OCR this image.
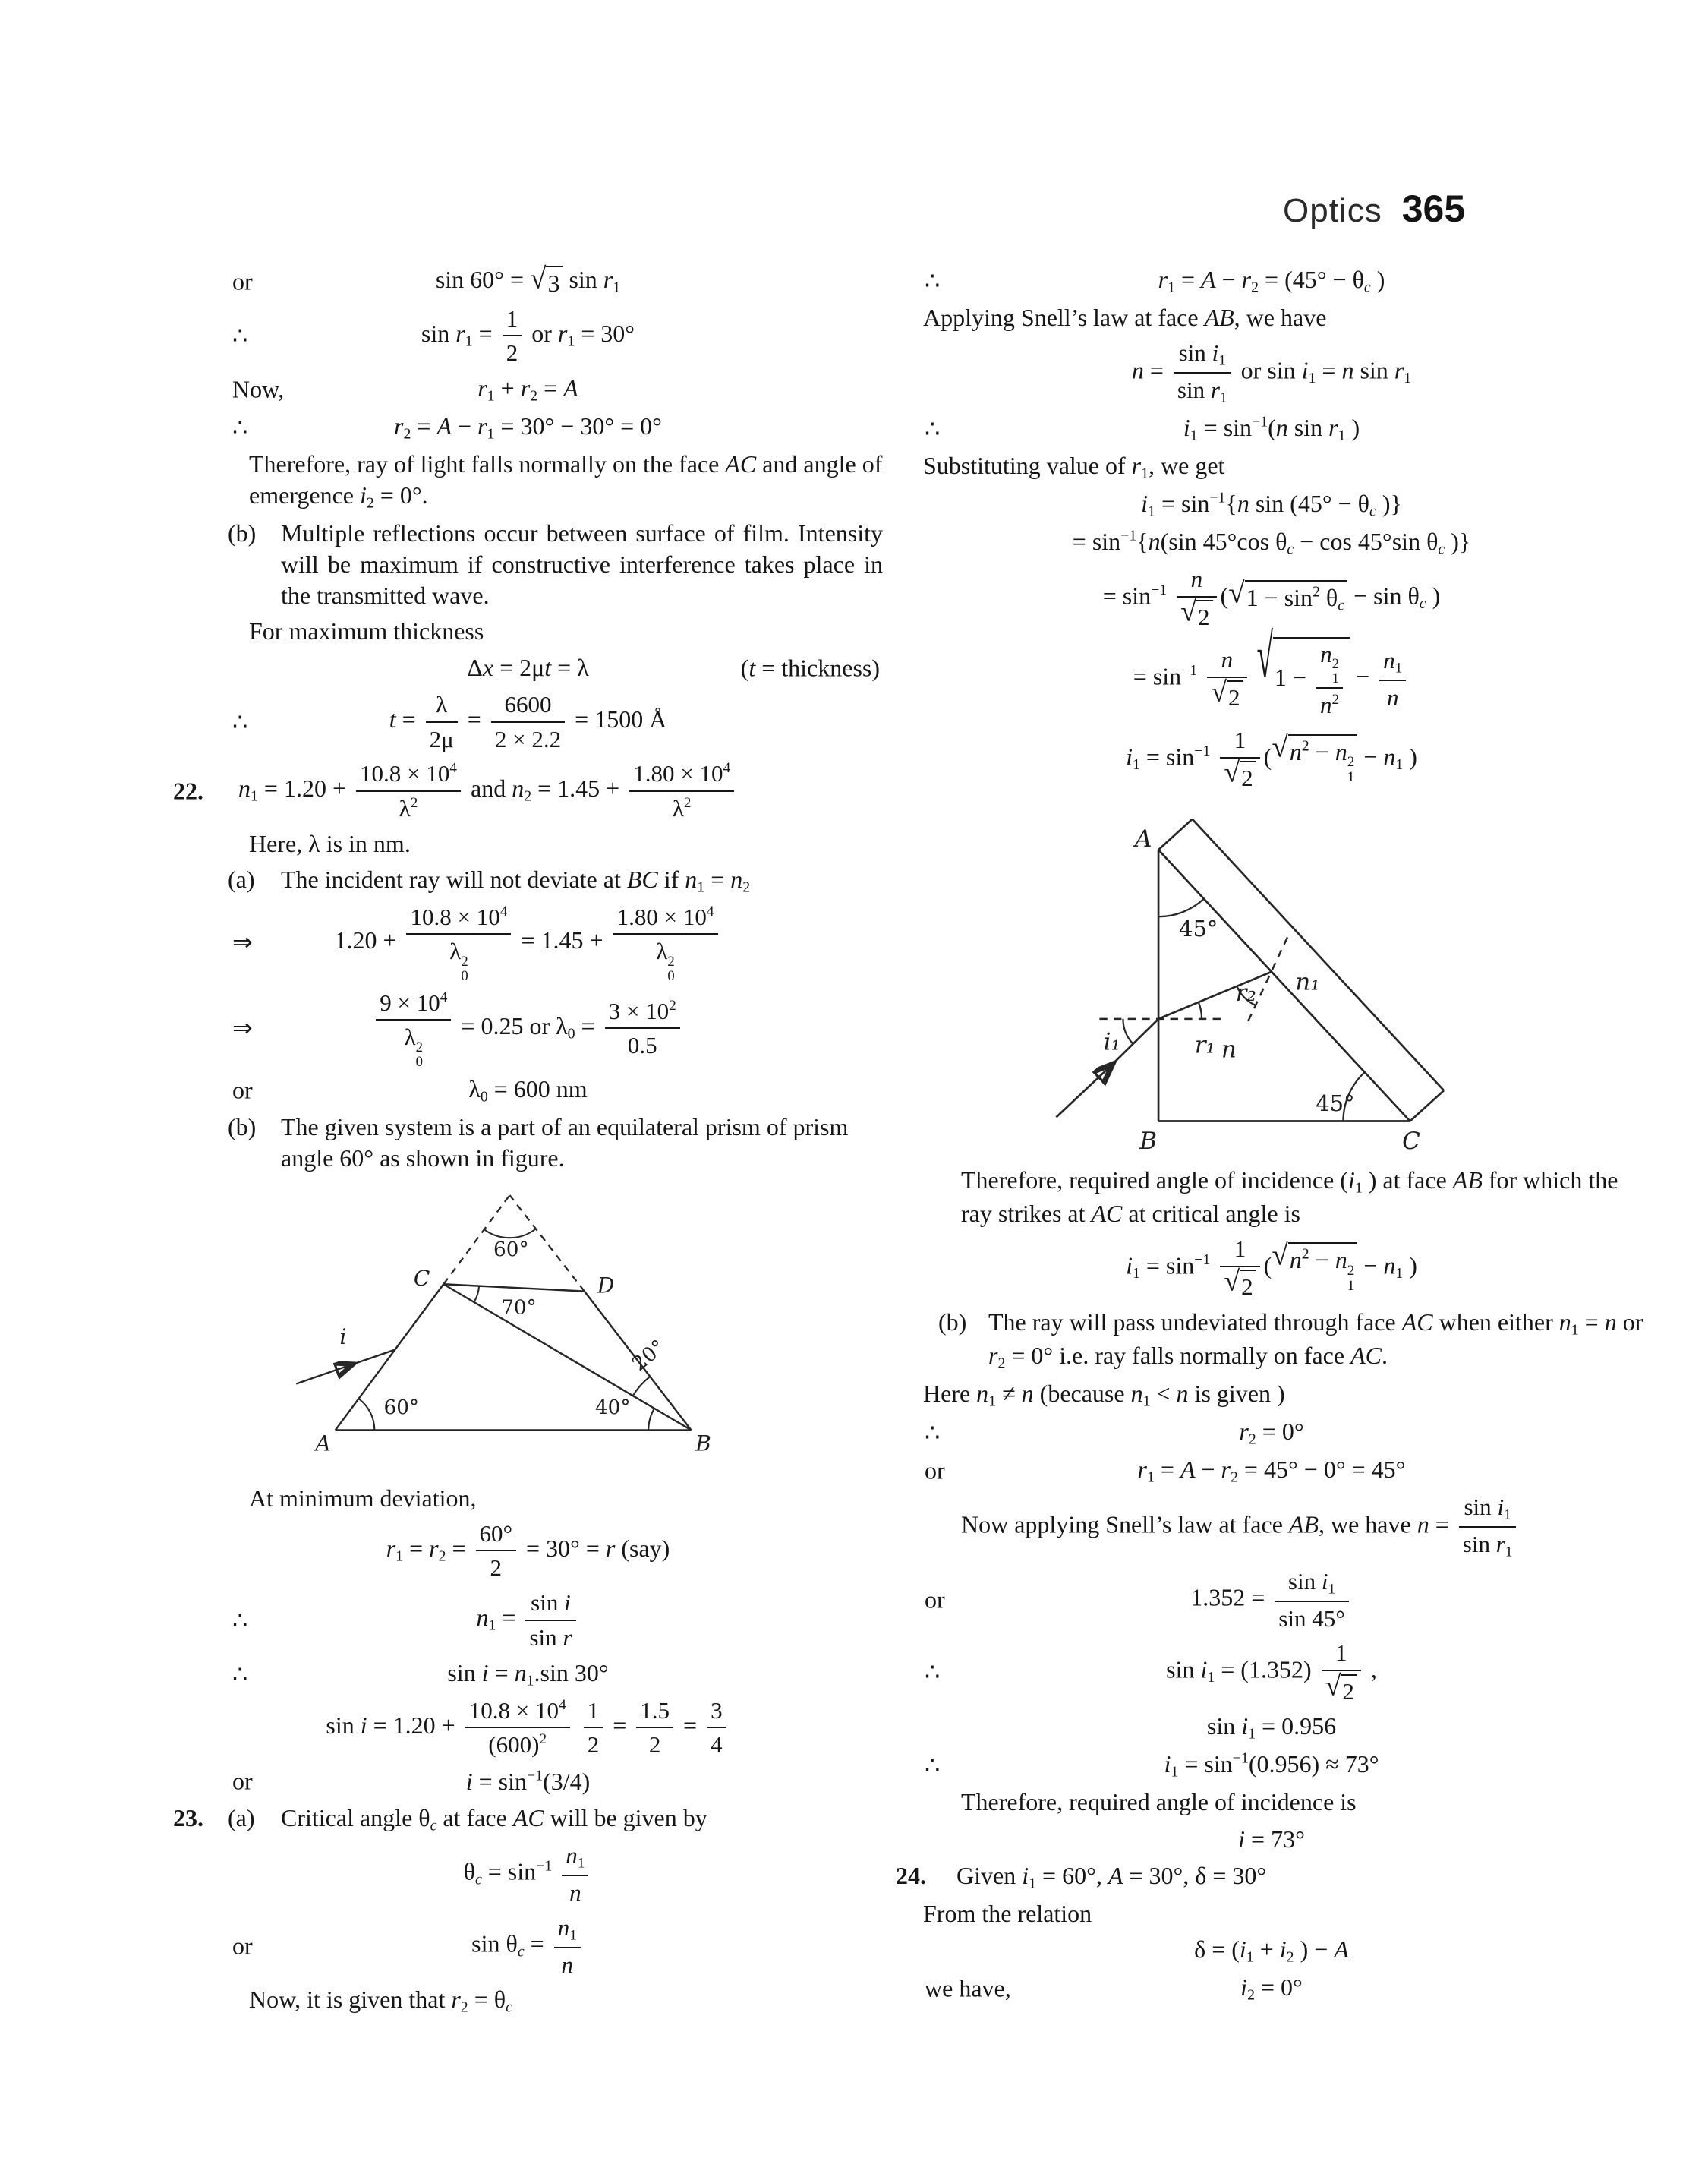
Optics 365
or	sin 60° = √ 3 sin r1
∴	$\sin r1 = \frac{1}{2}$ or r1 = 30°
Now,	r1 + r2 = A
∴	r2 = A − r1 = 30° − 30° = 0°
Therefore, ray of light falls normally on the face AC and angle of emergence i2 = 0°.
(b) Multiple reflections occur between surface of film. Intensity will be maximum if constructive interference takes place in the transmitted wave.
For maximum thickness
Δx = 2μt = λ	(t = thickness)
∴	$t = \frac{\lambda}{2\mu} = \frac{6600}{2 \times 2.2} = 1500$ Å
22. $n1 = 1.20 + \frac{10.8 \times 10^4}{\lambda^2}$ and $n2 = 1.45 + \frac{1.80 \times 10^4}{\lambda^2}$
Here, λ is in nm.
(a) The incident ray will not deviate at BC if n1 = n2
⇒	$1.20 + 10.8 \times 10^4$
λ 2
$0 = 1.45 + 1.80 \times 10^4$
λ 2
0
⇒	$9 \times 10^4$
λ 2
0 = 0.25 or $\lambda 0 = \frac{3 \times 10^2}{0.5}$
or	λ0 = 600 nm
(b) The given system is a part of an equilateral prism of prism angle 60° as shown in figure.
60°
D
C
70°
20°
60°	40°
A	B
i
At minimum deviation,
$r1 = r2 = \frac{60^\circ}{2} = 30^\circ = r$ (say)
∴	$n1 = \frac{\text{sin i}}{\text{sin r}}$
∴	sin i = n1.sin 30°
$\sin i = 1.20 + \frac{10.8 \times 10^4}{(600)^2}$
$\frac{1}{2} = \frac{1.5}{2} = \frac{3}{4}$
or	$i = \sin^{-1}(3/4)$
23. (a) Critical angle θc at face AC will be given by
$\theta c = \sin^{-1} \frac{n1}{n}$
or	$\sin \theta c = \frac{n1}{n}$
Now, it is given that r2 = θc
∴	r1 = A − r2 = (45° − θc )
Applying Snell’s law at face AB, we have
$n = \frac{\text{sin i1}}{\text{sin r1}}$ or sin i1 = n sin r1
∴	$i1 = \sin^{-1}(n$ sin r1 )
Substituting value of r1, we get
$i1 = \sin^{-1}\{n$ sin (45° − θc )}
= $\sin^{-1}\{n(\sin$ 45°cos θc − cos 45°sin θc )}
= $\sin^{-1} \frac{n}{√ 2}$ ( √ $1 - \sin^2 \theta c - \sin \theta c$ )
= $\sin^{-1} \frac{n}{√ 2}$
√ 1 − n 2
1
$n^2 - \frac{n1}{n}$
$i1 = \sin^{-1} \frac{1}{√ 2}$ ( √ $n^2 - n$ 2
1
− n1 )
A
45°
r₂ n₁
i₁	r₁ n
45°
B	C
Therefore, required angle of incidence (i1 ) at face AB for which the ray strikes at AC at critical angle is
$i1 = \sin^{-1} \frac{1}{√ 2}$ ( √ $n^2 - n$ 2
1
− n1 )
(b) The ray will pass undeviated through face AC when either n1 = n or r2 = 0° i.e. ray falls normally on face AC.
Here n1 ≠ n (because n1 < n is given )
∴	r2 = 0°
or	r1 = A − r2 = 45° − 0° = 45°
Now applying Snell’s law at face AB, we have $n = \frac{\text{sin i1}}{\text{sin r1}}$
or	$1.352 = \frac{\text{sin i1}}{\sin 45^\circ}$
∴	$\sin i1 = (1.352) \frac{1}{√ 2}$ ,
sin i1 = 0.956
∴	$i1 = \sin^{-1}(0.956) \approx 73^\circ$
Therefore, required angle of incidence is
i = 73°
24. Given i1 = 60°, A = 30°, δ = 30°
From the relation
δ = (i1 + i2 ) − A
we have,	i2 = 0°
